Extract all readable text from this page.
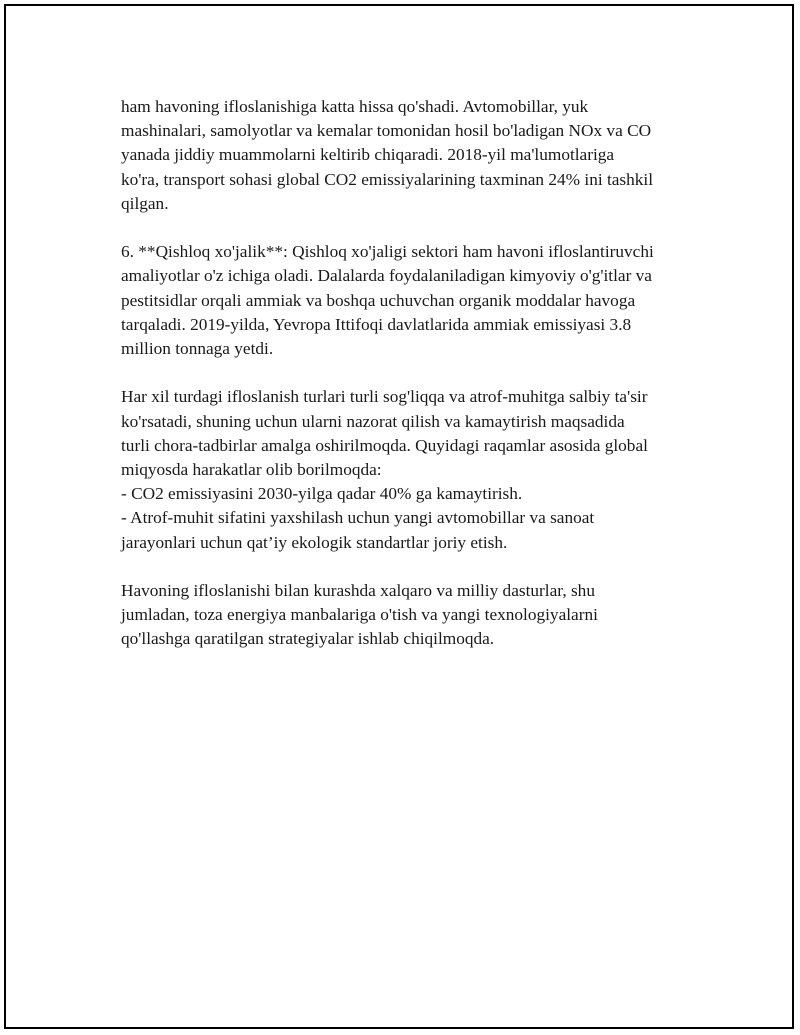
ham havoning ifloslanishiga katta hissa qo'shadi. Avtomobillar, yuk
mashinalari, samolyotlar va kemalar tomonidan hosil bo'ladigan NOx va CO
yanada jiddiy muammolarni keltirib chiqaradi. 2018-yil ma'lumotlariga
ko'ra, transport sohasi global CO2 emissiyalarining taxminan 24% ini tashkil
qilgan.

6. **Qishloq xo'jalik**: Qishloq xo'jaligi sektori ham havoni ifloslantiruvchi
amaliyotlar o'z ichiga oladi. Dalalarda foydalaniladigan kimyoviy o'g'itlar va
pestitsidlar orqali ammiak va boshqa uchuvchan organik moddalar havoga
tarqaladi. 2019-yilda, Yevropa Ittifoqi davlatlarida ammiak emissiyasi 3.8
million tonnaga yetdi.

Har xil turdagi ifloslanish turlari turli sog'liqqa va atrof-muhitga salbiy ta'sir
ko'rsatadi, shuning uchun ularni nazorat qilish va kamaytirish maqsadida
turli chora-tadbirlar amalga oshirilmoqda. Quyidagi raqamlar asosida global
miqyosda harakatlar olib borilmoqda:
- CO2 emissiyasini 2030-yilga qadar 40% ga kamaytirish.
- Atrof-muhit sifatini yaxshilash uchun yangi avtomobillar va sanoat
jarayonlari uchun qat’iy ekologik standartlar joriy etish.

Havoning ifloslanishi bilan kurashda xalqaro va milliy dasturlar, shu
jumladan, toza energiya manbalariga o'tish va yangi texnologiyalarni
qo'llashga qaratilgan strategiyalar ishlab chiqilmoqda.
